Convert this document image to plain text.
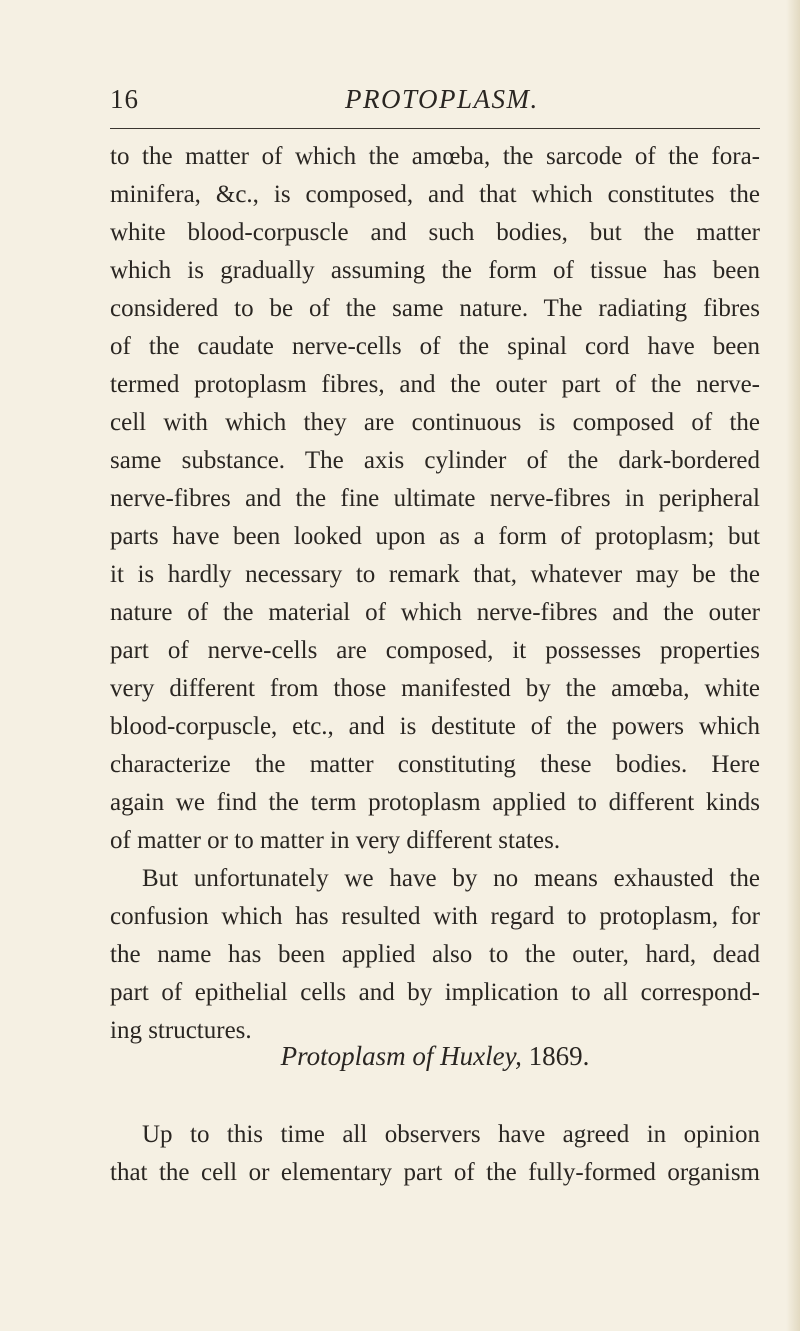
16	PROTOPLASM.
to the matter of which the amœba, the sarcode of the fora-
minifera, &c., is composed, and that which constitutes the
white blood-corpuscle and such bodies, but the matter
which is gradually assuming the form of tissue has been
considered to be of the same nature. The radiating fibres
of the caudate nerve-cells of the spinal cord have been
termed protoplasm fibres, and the outer part of the nerve-
cell with which they are continuous is composed of the
same substance. The axis cylinder of the dark-bordered
nerve-fibres and the fine ultimate nerve-fibres in peripheral
parts have been looked upon as a form of protoplasm; but
it is hardly necessary to remark that, whatever may be the
nature of the material of which nerve-fibres and the outer
part of nerve-cells are composed, it possesses properties
very different from those manifested by the amœba, white
blood-corpuscle, etc., and is destitute of the powers which
characterize the matter constituting these bodies. Here
again we find the term protoplasm applied to different kinds
of matter or to matter in very different states.
But unfortunately we have by no means exhausted the
confusion which has resulted with regard to protoplasm, for
the name has been applied also to the outer, hard, dead
part of epithelial cells and by implication to all correspond-
ing structures.
Protoplasm of Huxley, 1869.
Up to this time all observers have agreed in opinion
that the cell or elementary part of the fully-formed organism
